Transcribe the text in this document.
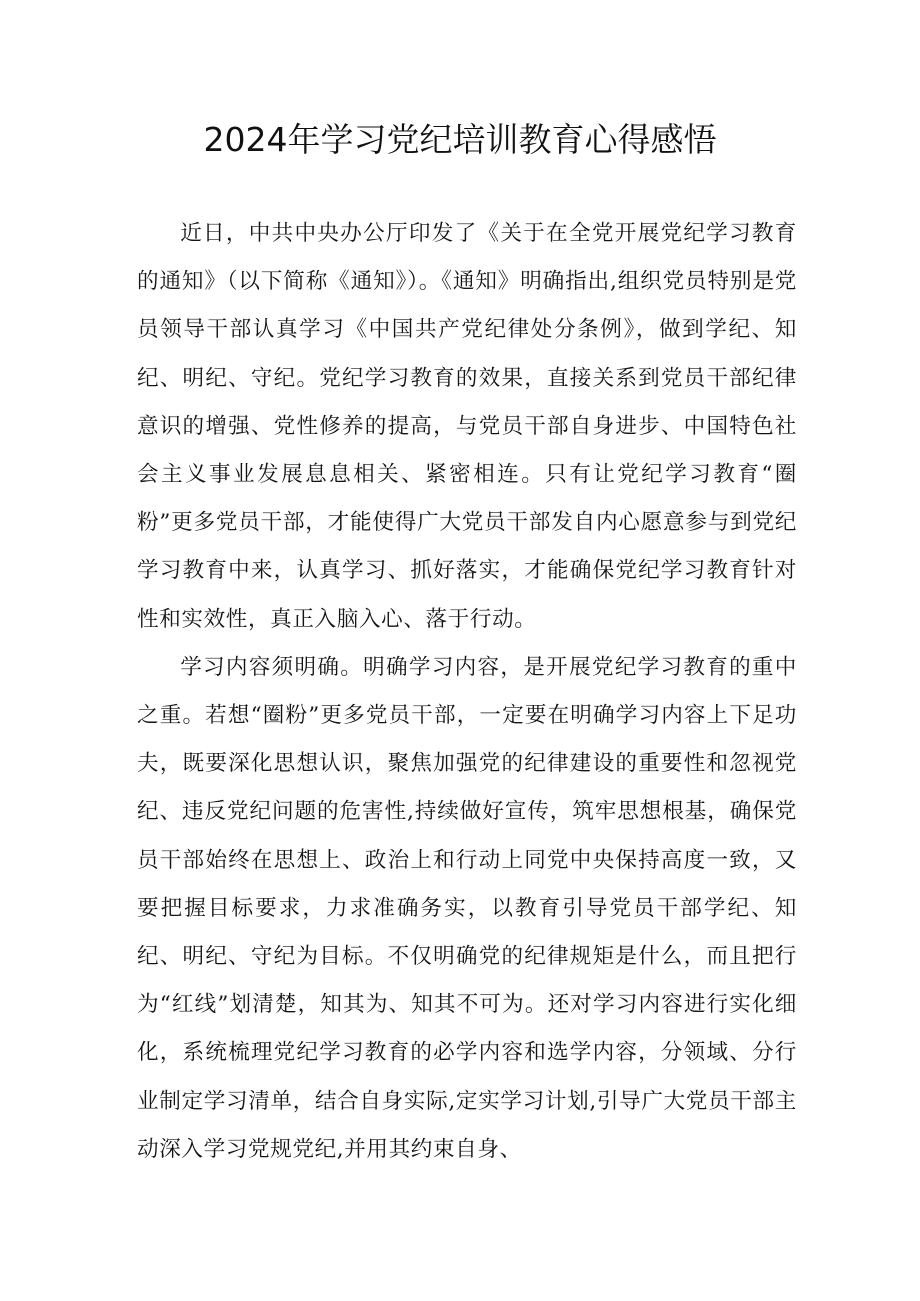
2024年学习党纪培训教育心得感悟

近日，中共中央办公厅印发了《关于在全党开展党纪学习教育的通知》（以下简称《通知》）。《通知》明确指出,组织党员特别是党员领导干部认真学习《中国共产党纪律处分条例》，做到学纪、知纪、明纪、守纪。党纪学习教育的效果，直接关系到党员干部纪律意识的增强、党性修养的提高，与党员干部自身进步、中国特色社会主义事业发展息息相关、紧密相连。只有让党纪学习教育“圈粉”更多党员干部，才能使得广大党员干部发自内心愿意参与到党纪学习教育中来，认真学习、抓好落实，才能确保党纪学习教育针对性和实效性，真正入脑入心、落于行动。

学习内容须明确。明确学习内容，是开展党纪学习教育的重中之重。若想“圈粉”更多党员干部，一定要在明确学习内容上下足功夫，既要深化思想认识，聚焦加强党的纪律建设的重要性和忽视党纪、违反党纪问题的危害性,持续做好宣传，筑牢思想根基，确保党员干部始终在思想上、政治上和行动上同党中央保持高度一致，又要把握目标要求，力求准确务实，以教育引导党员干部学纪、知纪、明纪、守纪为目标。不仅明确党的纪律规矩是什么，而且把行为“红线”划清楚，知其为、知其不可为。还对学习内容进行实化细化，系统梳理党纪学习教育的必学内容和选学内容，分领域、分行业制定学习清单，结合自身实际,定实学习计划,引导广大党员干部主动深入学习党规党纪,并用其约束自身、
